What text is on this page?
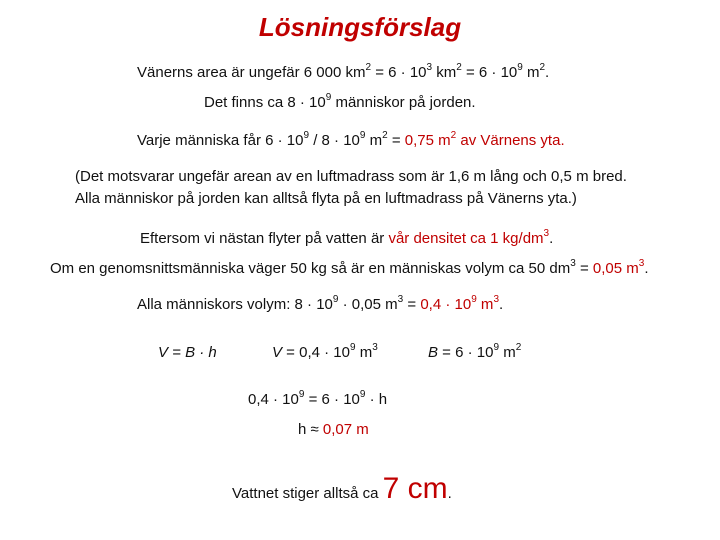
Lösningsförslag
Vänerns area är ungefär 6 000 $km^2 = 6 \cdot 10^3$ $km^2 = 6 \cdot 10^9$ $m^2$.
Det finns ca $8 \cdot 10^9$ människor på jorden.
Varje människa får $6 \cdot 10^9 / 8 \cdot 10^9$ $m^2 = 0,75$ $m^2$ av Värnens yta.
(Det motsvarar ungefär arean av en luftmadrass som är 1,6 m lång och 0,5 m bred.
Alla människor på jorden kan alltså flyta på en luftmadrass på Vänerns yta.)
Eftersom vi nästan flyter på vatten är vår densitet ca 1 $kg/dm^3$.
Om en genomsnittsmänniska väger 50 kg så är en människas volym ca 50 $dm^3 = 0,05$ $m^3$.
Alla människors volym: $8 \cdot 10^9 \cdot 0,05$ $m^3 = 0,4 \cdot 10^9$ $m^3$.
V = B · h	$V = 0,4 \cdot 10^9$ $m^3$	$B = 6 \cdot 10^9$ $m^2$
$0,4 \cdot 10^9 = 6 \cdot 10^9 \cdot h$
h ≈ 0,07 m
Vattnet stiger alltså ca 7 cm.
